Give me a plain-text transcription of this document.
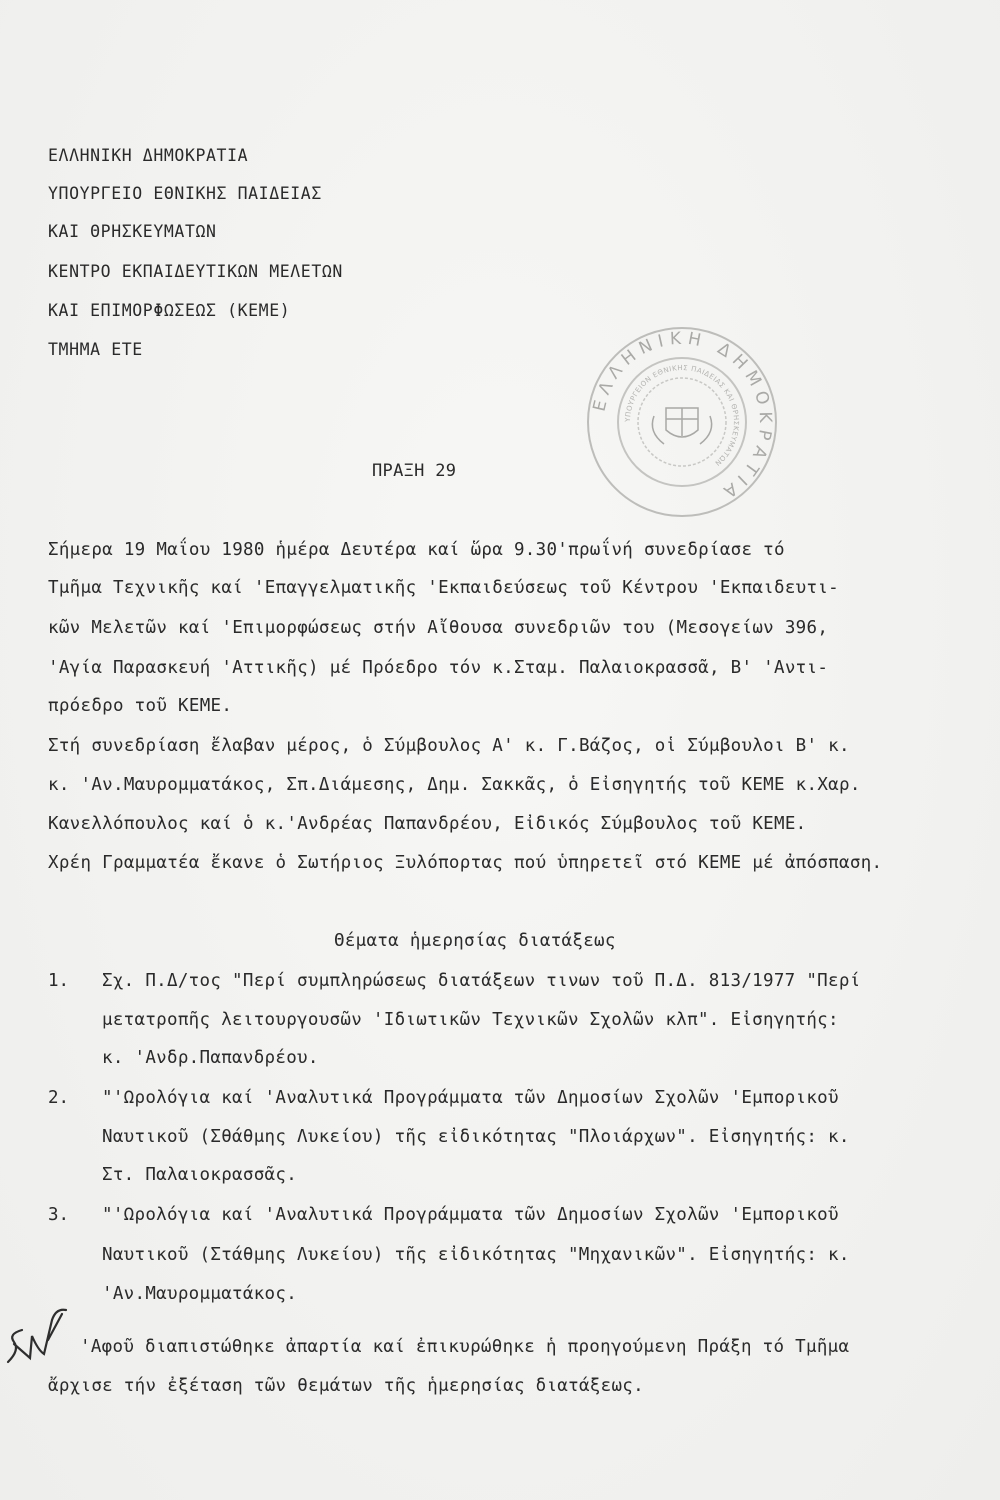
ΕΛΛΗΝΙΚΗ ΔΗΜΟΚΡΑΤΙΑ
ΥΠΟΥΡΓΕΙΟ ΕΘΝΙΚΗΣ ΠΑΙΔΕΙΑΣ
ΚΑΙ ΘΡΗΣΚΕΥΜΑΤΩΝ
ΚΕΝΤΡΟ ΕΚΠΑΙΔΕΥΤΙΚΩΝ ΜΕΛΕΤΩΝ
ΚΑΙ ΕΠΙΜΟΡΦΩΣΕΩΣ (ΚΕΜΕ)
ΤΜΗΜΑ ΕΤΕ
ΕΛΛΗΝΙΚΗ ΔΗΜΟΚΡΑΤΙΑ
ΥΠΟΥΡΓΕΙΟΝ ΕΘΝΙΚΗΣ ΠΑΙΔΕΙΑΣ ΚΑΙ ΘΡΗΣΚΕΥΜΑΤΩΝ
ΠΡΑΞΗ 29
Σήμερα 19 Μαΐου 1980 ἡμέρα Δευτέρα καί ὥρα 9.30'πρωΐνή συνεδρίασε τό
Τμῆμα Τεχνικῆς καί 'Επαγγελματικῆς 'Εκπαιδεύσεως τοῦ Κέντρου 'Εκπαιδευτι-
κῶν Μελετῶν καί 'Επιμορφώσεως στήν Αἴθουσα συνεδριῶν του (Μεσογείων 396,
'Αγία Παρασκευή 'Αττικῆς) μέ Πρόεδρο τόν κ.Σταμ. Παλαιοκρασσᾶ, Β' 'Αντι-
πρόεδρο τοῦ ΚΕΜΕ.
Στή συνεδρίαση ἔλαβαν μέρος, ὁ Σύμβουλος Α' κ. Γ.Βάζος, οἱ Σύμβουλοι Β' κ.
κ. 'Αν.Μαυρομματάκος, Σπ.Διάμεσης, Δημ. Σακκᾶς, ὁ Εἰσηγητής τοῦ ΚΕΜΕ κ.Χαρ.
Κανελλόπουλος καί ὁ κ.'Ανδρέας Παπανδρέου, Εἰδικός Σύμβουλος τοῦ ΚΕΜΕ.
Χρέη Γραμματέα ἔκανε ὁ Σωτήριος Ξυλόπορτας πού ὑπηρετεῖ στό ΚΕΜΕ μέ ἀπόσπαση.
Θέματα ἡμερησίας διατάξεως
1. Σχ. Π.Δ/τος "Περί συμπληρώσεως διατάξεων τινων τοῦ Π.Δ. 813/1977 "Περί
μετατροπῆς λειτουργουσῶν 'Ιδιωτικῶν Τεχνικῶν Σχολῶν κλπ". Εἰσηγητής:
κ. 'Ανδρ.Παπανδρέου.
2. "'Ωρολόγια καί 'Αναλυτικά Προγράμματα τῶν Δημοσίων Σχολῶν 'Εμπορικοῦ
Ναυτικοῦ (Σθάθμης Λυκείου) τῆς εἰδικότητας "Πλοιάρχων". Εἰσηγητής: κ.
Στ. Παλαιοκρασσᾶς.
3. "'Ωρολόγια καί 'Αναλυτικά Προγράμματα τῶν Δημοσίων Σχολῶν 'Εμπορικοῦ
Ναυτικοῦ (Στάθμης Λυκείου) τῆς εἰδικότητας "Μηχανικῶν". Εἰσηγητής: κ.
'Αν.Μαυρομματάκος.
'Αφοῦ διαπιστώθηκε ἀπαρτία καί ἐπικυρώθηκε ἡ προηγούμενη Πράξη τό Τμῆμα
ἄρχισε τήν ἐξέταση τῶν θεμάτων τῆς ἡμερησίας διατάξεως.
